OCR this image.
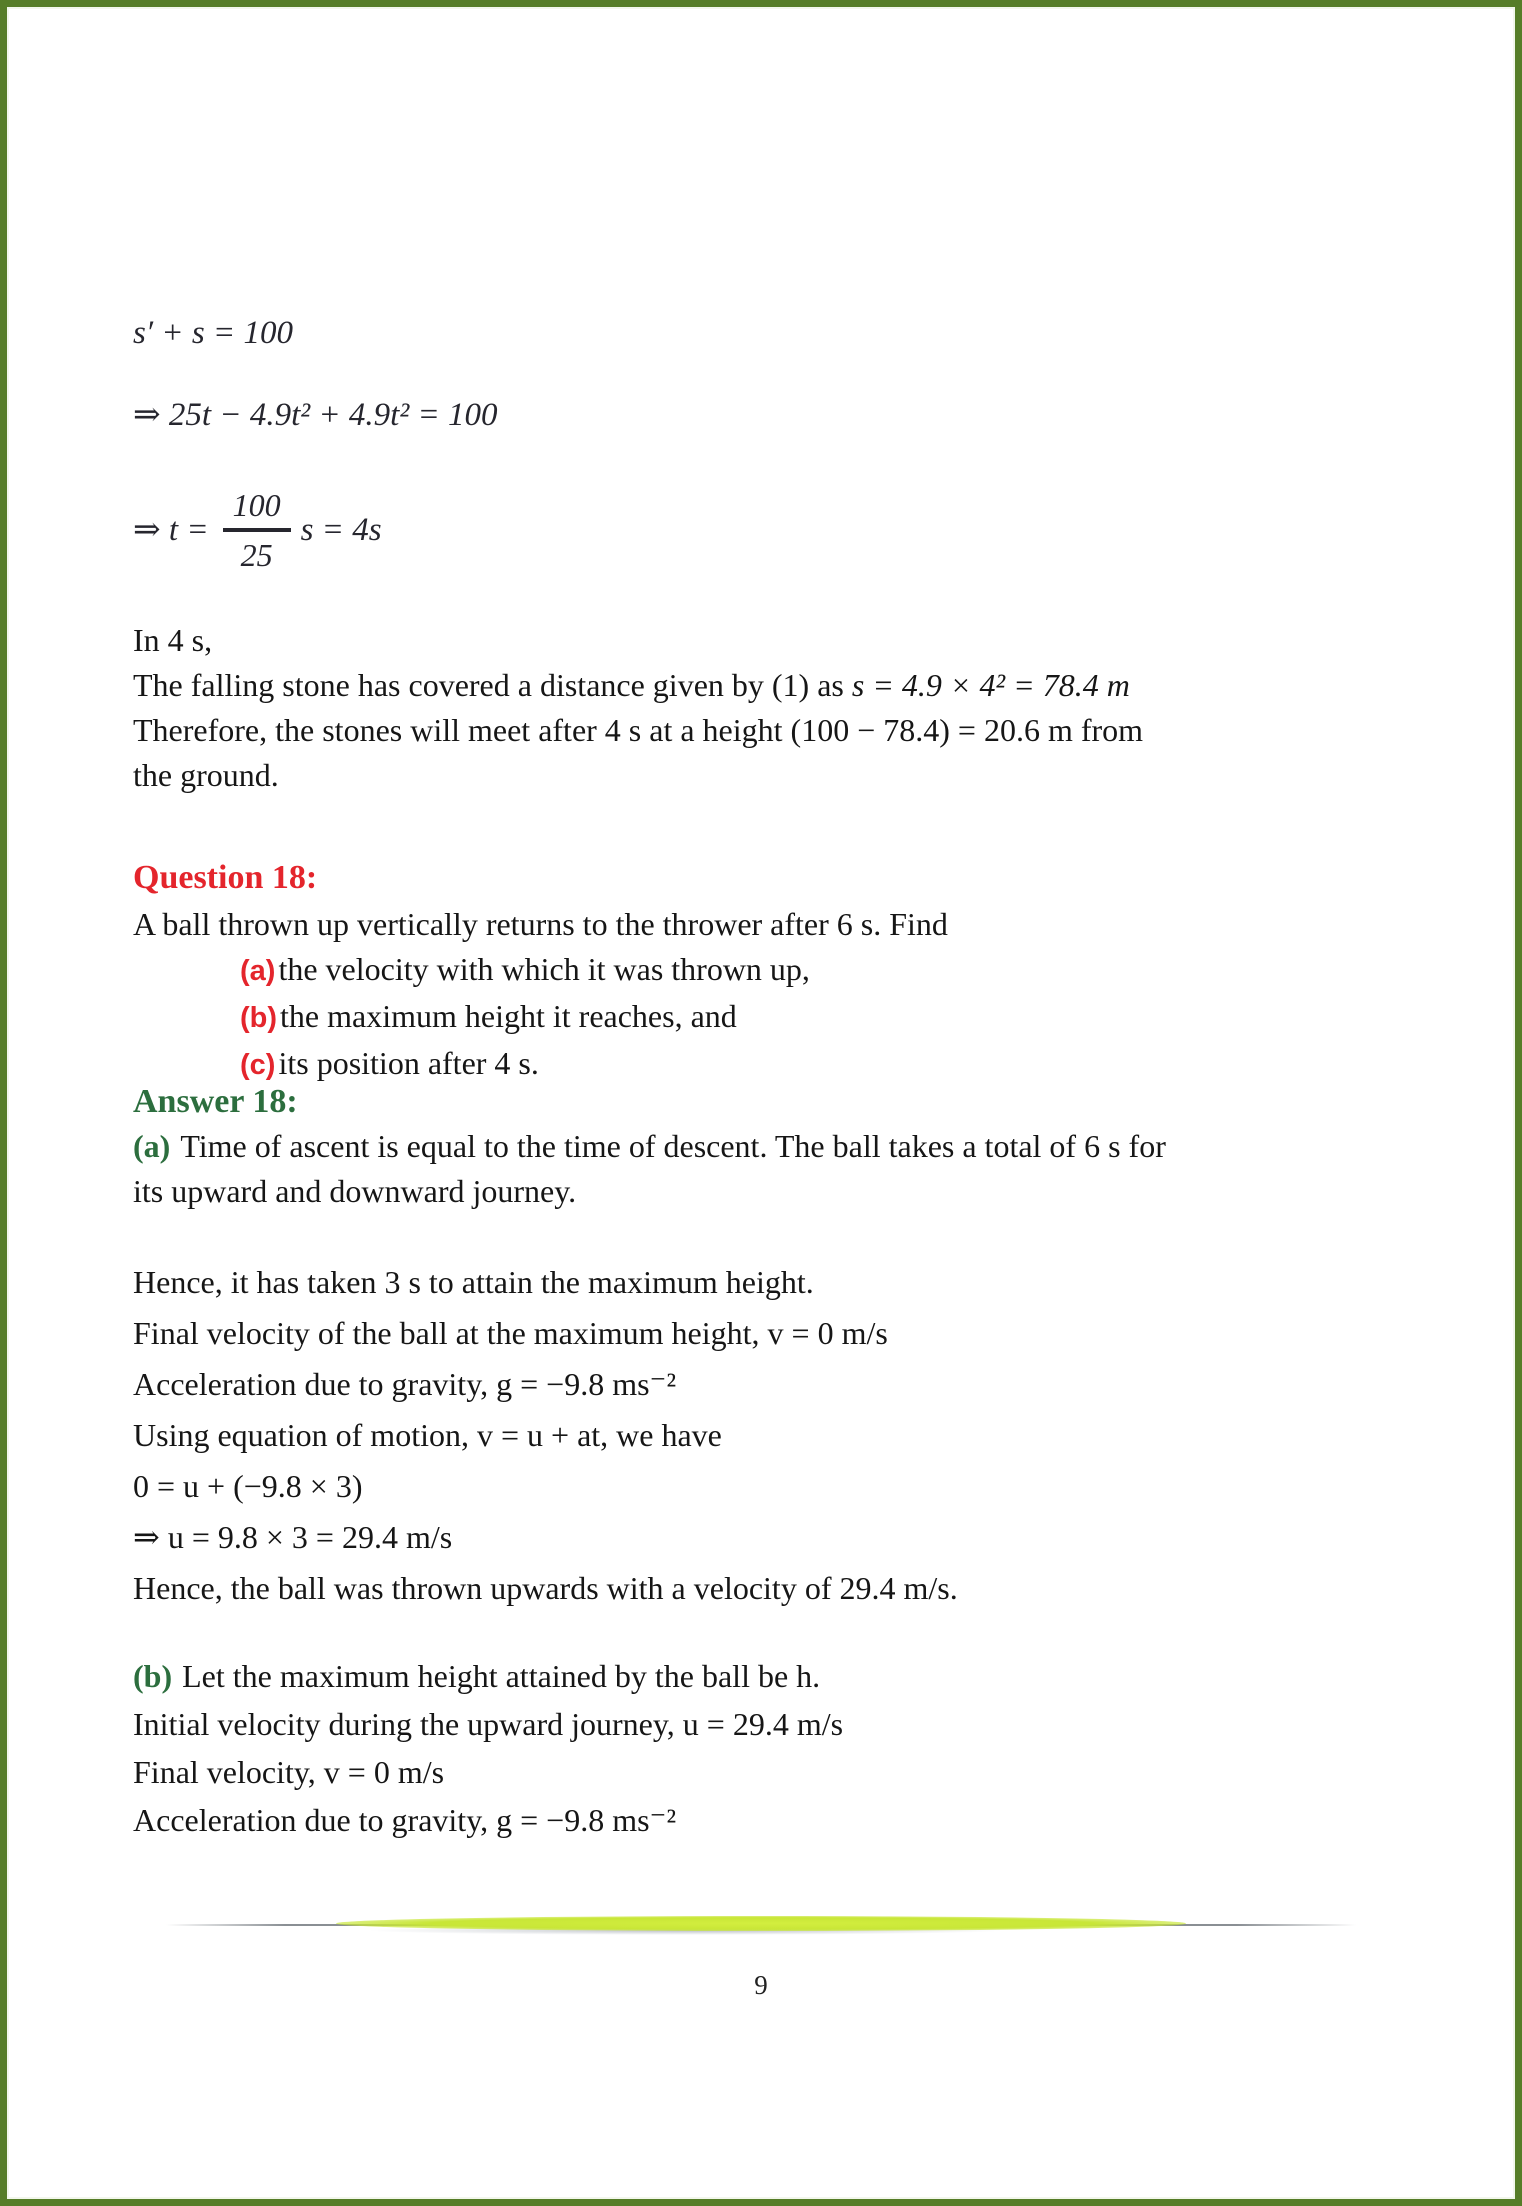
s′ + s = 100
⇒ 25t − 4.9t² + 4.9t² = 100
⇒ $t = \frac{100}{25}$ s = 4s
In 4 s,
The falling stone has covered a distance given by (1) as s = 4.9 × 4² = 78.4 m
Therefore, the stones will meet after 4 s at a height (100 − 78.4) = 20.6 m from
the ground.
Question 18:
A ball thrown up vertically returns to the thrower after 6 s. Find
(a)the velocity with which it was thrown up,
(b)the maximum height it reaches, and
(c)its position after 4 s.
Answer 18:
(a) Time of ascent is equal to the time of descent. The ball takes a total of 6 s for
its upward and downward journey.
Hence, it has taken 3 s to attain the maximum height.
Final velocity of the ball at the maximum height, v = 0 m/s
Acceleration due to gravity, g = −9.8 ms⁻²
Using equation of motion, v = u + at, we have
0 = u + (−9.8 × 3)
⇒ u = 9.8 × 3 = 29.4 m/s
Hence, the ball was thrown upwards with a velocity of 29.4 m/s.
(b) Let the maximum height attained by the ball be h.
Initial velocity during the upward journey, u = 29.4 m/s
Final velocity, v = 0 m/s
Acceleration due to gravity, g = −9.8 ms⁻²
9
